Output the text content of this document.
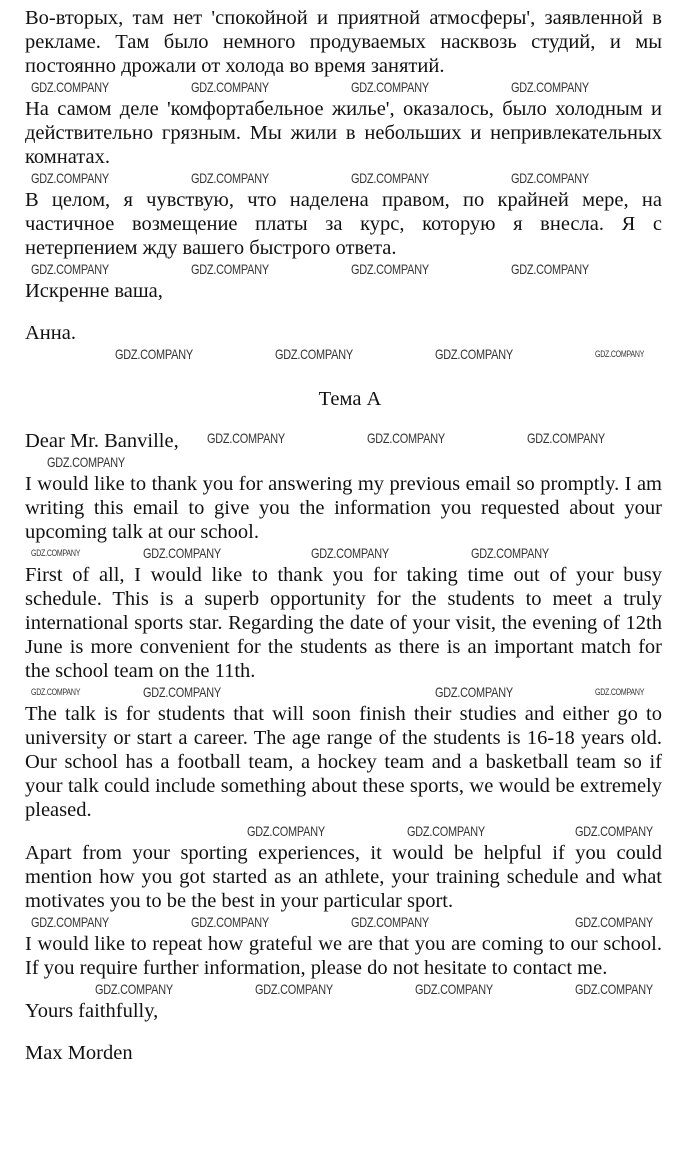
Во-вторых, там нет 'спокойной и приятной атмосферы', заявленной в рекламе. Там было немного продуваемых насквозь студий, и мы постоянно дрожали от холода во время занятий.

GDZ.COMPANY	GDZ.COMPANY	GDZ.COMPANY	GDZ.COMPANY

На самом деле 'комфортабельное жилье', оказалось, было холодным и действительно грязным. Мы жили в небольших и непривлекательных комнатах.

GDZ.COMPANY	GDZ.COMPANY	GDZ.COMPANY	GDZ.COMPANY

В целом, я чувствую, что наделена правом, по крайней мере, на частичное возмещение платы за курс, которую я внесла. Я с нетерпением жду вашего быстрого ответа.

GDZ.COMPANY	GDZ.COMPANY	GDZ.COMPANY	GDZ.COMPANY

Искренне ваша,

Анна.

GDZ.COMPANY	GDZ.COMPANY	GDZ.COMPANY	GDZ.COMPANY

Тема А

Dear Mr. Banville, GDZ.COMPANY	GDZ.COMPANY	GDZ.COMPANY
GDZ.COMPANY

I would like to thank you for answering my previous email so promptly. I am writing this email to give you the information you requested about your upcoming talk at our school.

GDZ.COMPANY	GDZ.COMPANY	GDZ.COMPANY	GDZ.COMPANY

First of all, I would like to thank you for taking time out of your busy schedule. This is a superb opportunity for the students to meet a truly international sports star. Regarding the date of your visit, the evening of 12th June is more convenient for the students as there is an important match for the school team on the 11th.

GDZ.COMPANY	GDZ.COMPANY	GDZ.COMPANY	GDZ.COMPANY

The talk is for students that will soon finish their studies and either go to university or start a career. The age range of the students is 16-18 years old. Our school has a football team, a hockey team and a basketball team so if your talk could include something about these sports, we would be extremely pleased.

GDZ.COMPANY	GDZ.COMPANY	GDZ.COMPANY

Apart from your sporting experiences, it would be helpful if you could mention how you got started as an athlete, your training schedule and what motivates you to be the best in your particular sport.

GDZ.COMPANY	GDZ.COMPANY	GDZ.COMPANY	GDZ.COMPANY

I would like to repeat how grateful we are that you are coming to our school. If you require further information, please do not hesitate to contact me.

GDZ.COMPANY	GDZ.COMPANY	GDZ.COMPANY	GDZ.COMPANY

Yours faithfully,

Max Morden
